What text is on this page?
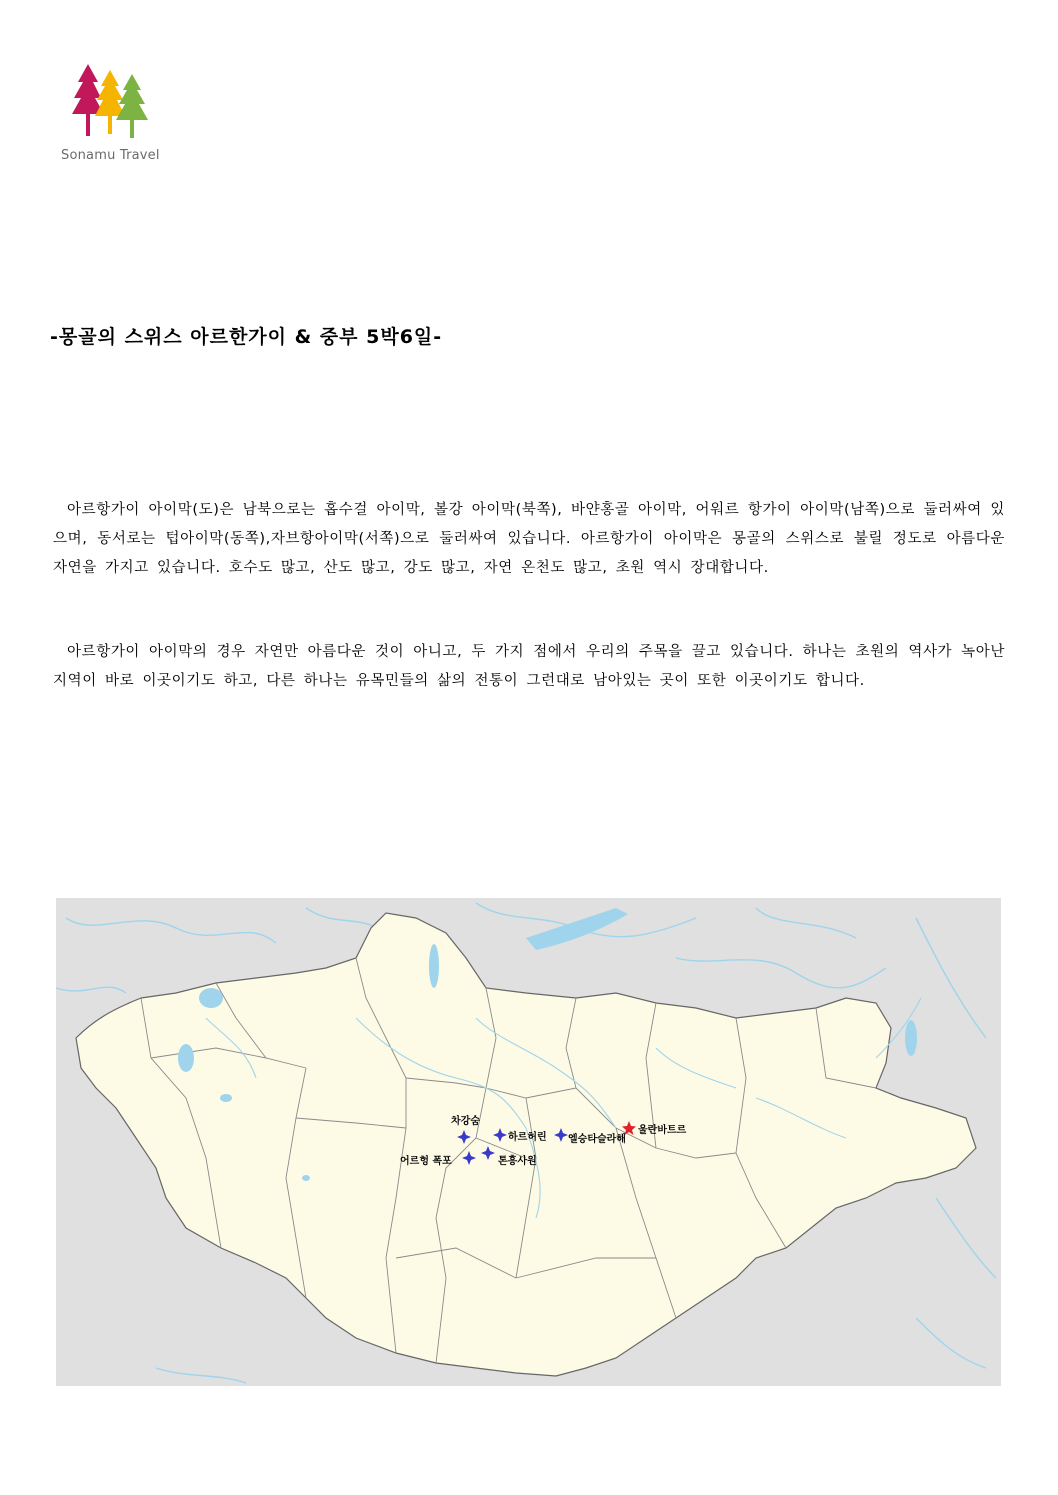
Sonamu Travel
-몽골의 스위스 아르한가이 & 중부 5박6일-

아르항가이 아이막(도)은 남북으로는 홉수걸 아이막, 볼강 아이막(북쪽), 바얀홍골 아이막, 어워르 항가이 아이막(남쪽)으로 둘러싸여 있으며, 동서로는 텁아이막(동쪽),자브항아이막(서쪽)으로 둘러싸여 있습니다. 아르항가이 아이막은 몽골의 스위스로 불릴 정도로 아름다운 자연을 가지고 있습니다. 호수도 많고, 산도 많고, 강도 많고, 자연 온천도 많고, 초원 역시 장대합니다.

아르항가이 아이막의 경우 자연만 아름다운 것이 아니고, 두 가지 점에서 우리의 주목을 끌고 있습니다. 하나는 초원의 역사가 녹아난 지역이 바로 이곳이기도 하고, 다른 하나는 유목민들의 삶의 전통이 그런대로 남아있는 곳이 또한 이곳이기도 합니다.

차강숨
하르허린 엘승타슬라해
울란바트르
어르헝 폭포	톤흥사원
